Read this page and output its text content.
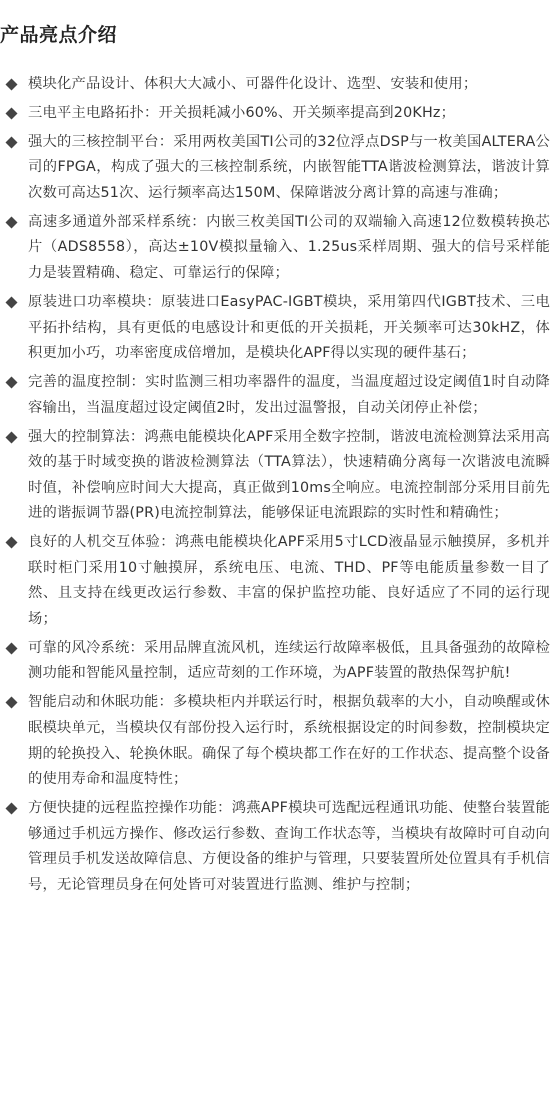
产品亮点介绍
模块化产品设计、体积大大减小、可器件化设计、选型、安装和使用；
三电平主电路拓扑：开关损耗减小60%、开关频率提高到20KHz；
强大的三核控制平台：采用两枚美国TI公司的32位浮点DSP与一枚美国ALTERA公司的FPGA，构成了强大的三核控制系统，内嵌智能TTA谐波检测算法，谐波计算次数可高达51次、运行频率高达150M、保障谐波分离计算的高速与准确；
高速多通道外部采样系统：内嵌三枚美国TI公司的双端输入高速12位数模转换芯片（ADS8558），高达±10V模拟量输入、1.25us采样周期、强大的信号采样能力是装置精确、稳定、可靠运行的保障；
原装进口功率模块：原装进口EasyPAC-IGBT模块，采用第四代IGBT技术、三电平拓扑结构，具有更低的电感设计和更低的开关损耗，开关频率可达30kHZ，体积更加小巧，功率密度成倍增加，是模块化APF得以实现的硬件基石；
完善的温度控制：实时监测三相功率器件的温度，当温度超过设定阈值1时自动降容输出，当温度超过设定阈值2时，发出过温警报，自动关闭停止补偿；
强大的控制算法：鸿燕电能模块化APF采用全数字控制，谐波电流检测算法采用高效的基于时域变换的谐波检测算法（TTA算法），快速精确分离每一次谐波电流瞬时值，补偿响应时间大大提高，真正做到10ms全响应。电流控制部分采用目前先进的谐振调节器(PR)电流控制算法，能够保证电流跟踪的实时性和精确性；
良好的人机交互体验：鸿燕电能模块化APF采用5寸LCD液晶显示触摸屏，多机并联时柜门采用10寸触摸屏，系统电压、电流、THD、PF等电能质量参数一目了然、且支持在线更改运行参数、丰富的保护监控功能、良好适应了不同的运行现场；
可靠的风冷系统：采用品牌直流风机，连续运行故障率极低，且具备强劲的故障检测功能和智能风量控制，适应苛刻的工作环境，为APF装置的散热保驾护航!
智能启动和休眠功能：多模块柜内并联运行时，根据负载率的大小，自动唤醒或休眠模块单元，当模块仅有部份投入运行时，系统根据设定的时间参数，控制模块定期的轮换投入、轮换休眠。确保了每个模块都工作在好的工作状态、提高整个设备的使用寿命和温度特性；
方便快捷的远程监控操作功能：鸿燕APF模块可选配远程通讯功能、使整台装置能够通过手机远方操作、修改运行参数、查询工作状态等，当模块有故障时可自动向管理员手机发送故障信息、方便设备的维护与管理，只要装置所处位置具有手机信号，无论管理员身在何处皆可对装置进行监测、维护与控制；
